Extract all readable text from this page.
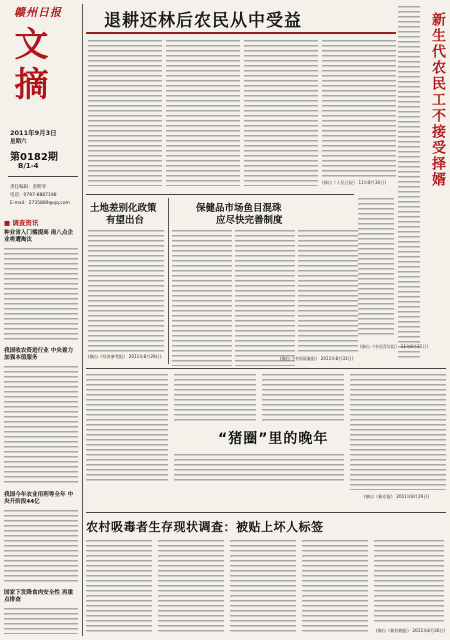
赣州日报
文摘
2011年9月3日
星期六
第0182期
B/1-4
责任编辑：金斯琴
电话：0797-8887198
E-mail：2735889@qq.com
■ 调查资讯
种业省入门槛提高 南八点企业将遭淘汰
我国收农资进行业 中央着力加强本值服务
我国今年农业用利等全年 中央升阶段44亿
国家下发降食肉安全性 再重点排查
退耕还林后农民从中受益
(摘自《人民日报》 11年8月30日)	新生代农民工不接受择婿
(摘自《中国青年报》 11年8月31日)
土地差别化政策
有望出台
(摘自《经济参考报》 2011年8月29日)
保健品市场鱼目混珠
应尽快完善制度
(摘自《中国质量报》 2011年8月31日)
“猪圈”里的晚年
(摘自《新京报》 2011年8月29日)
农村吸毒者生存现状调查：被贴上坏人标签
(摘自《新民晚报》 2011年8月30日)
